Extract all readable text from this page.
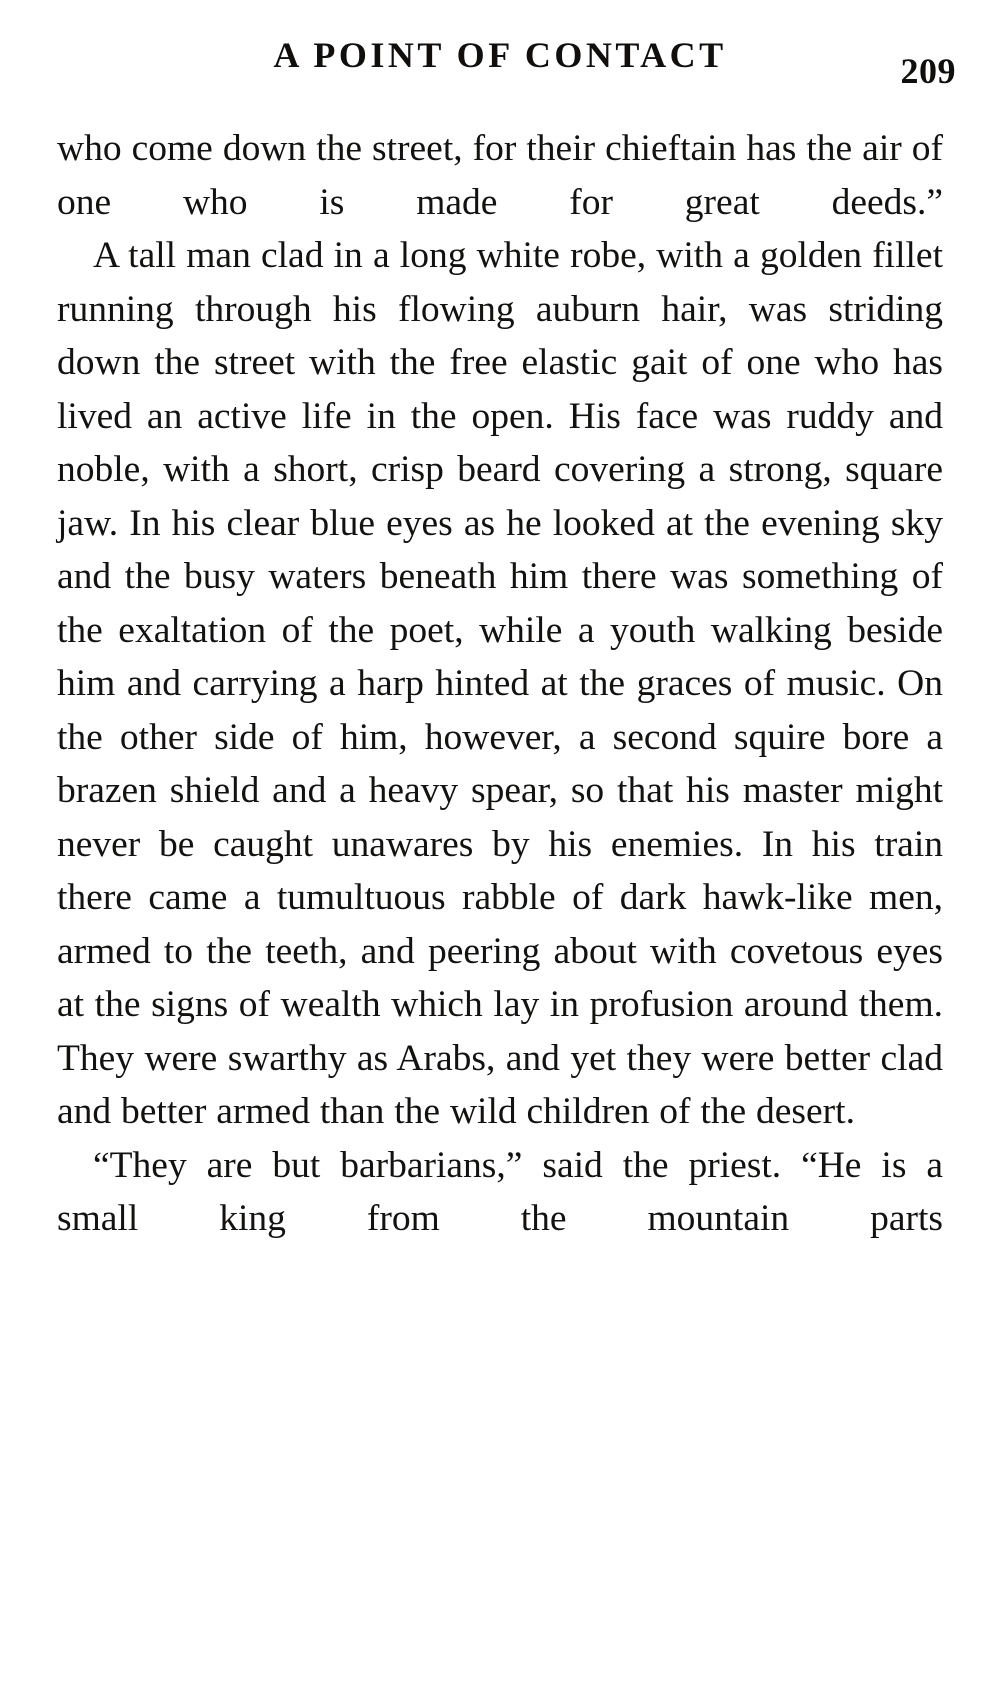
A POINT OF CONTACT	209

who come down the street, for their chieftain has the air of one who is made for great deeds.”

A tall man clad in a long white robe, with a golden fillet running through his flowing auburn hair, was striding down the street with the free elastic gait of one who has lived an active life in the open. His face was ruddy and noble, with a short, crisp beard covering a strong, square jaw. In his clear blue eyes as he looked at the evening sky and the busy waters beneath him there was something of the exaltation of the poet, while a youth walking beside him and carrying a harp hinted at the graces of music. On the other side of him, however, a second squire bore a brazen shield and a heavy spear, so that his master might never be caught unawares by his enemies. In his train there came a tumultuous rabble of dark hawk-like men, armed to the teeth, and peering about with covetous eyes at the signs of wealth which lay in profusion around them. They were swarthy as Arabs, and yet they were better clad and better armed than the wild children of the desert.

“They are but barbarians,” said the priest. “He is a small king from the mountain parts
